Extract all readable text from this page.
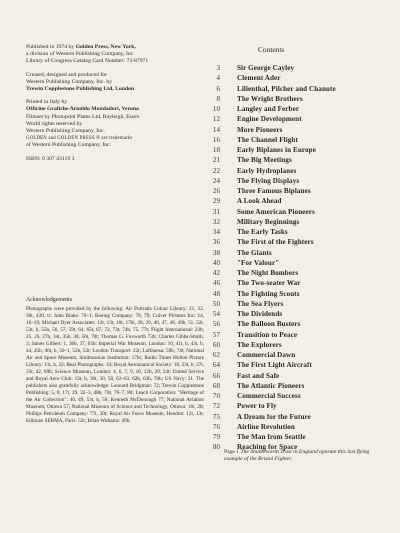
Published in 1974 by Golden Press, New York,
a division of Western Publishing Company, Inc.
Library of Congress Catalog Card Number: 73-87971
Created, designed and produced for
Western Publishing Company, Inc. by
Trewin Copplestone Publishing Ltd, London
Printed in Italy by
Officine Grafiche Arnoldo Mondadori, Verona
Filmset by Photoprint Plates Ltd, Rayleigh, Essex
World rights reserved by
Western Publishing Company, Inc.
GOLDEN and GOLDEN PRESS ® are trademarks
of Western Publishing Company, Inc.
ISBN: 0 307 43119 3
Acknowledgements
Photographs were provided by the following: Air Portraits Colour Library: 21, 32, 36t, 43tl, tr; John Blake: 70–1; Boeing Company: 78, 79; Culver Pictures Inc: 14, 16–19; Michael Dyer Associates: 12t, 13t, 16t, 17bl, 28, 29, 40, 47, 48, 49b, 51, 52t, 53t, b, 55b, 56, 57, 59t, 64, 65t, 67, 72, 73t, 74b, 75, 77t; Flight International: 23b, 25, 26, 27b, 34t, 35b, 38, 56t, 70t; Thomas G. Foxworth 73b; Charles Gibbs-Smith: 3; James Gilbert: 1, 36b, 37, 63b; Imperial War Museum, London: 10, 41t, b, 43t, b, 44, 45b, 46t, b, 50–1, 52b, 53t; London Transport: 22t; Lufthansa: 59b, 74t; National Air and Space Museum, Smithsonian Institution: 17br; Radio Times Hulton Picture Library: 11t, b, 22; Real Photographs: 34; Royal Aeronautical Society: 18, 23t, b, 27t, 33t, 42, 69b; Science Museum, London: 4, 6, 7, 9, 10, 12b, 20, 24t; United Service and Royal Aero Club: 13t, b, 30t, 30, 58, 62–63, 62b, 63b, 70b; US Navy: 31. The publishers also gratefully acknowledge: Leonard Bridgman: 72; Trewin Copplestone Publishing: 5, 8, 17t, 29, 32–3, 48b, 70t, 76–7, 80; Leach Corporation: "Heritage of the Air Collection": 40, 49, 53t, b, 56; Kenneth McDonough 77; National Aviation Museum, Ottawa 57; National Museum of Science and Technology, Ottawa: 16t, 28; Phillips Petroleum Company: 77t, 30t; Royal Air Force Museum, Hendon: 12t, 13t; Editions SERMA, Paris: 52t; Brian Withams: 49b.
Contents
3 Sir George Cayley
4 Clement Ader
6 Lilienthal, Pilcher and Chanute
8 The Wright Brothers
10 Langley and Ferber
12 Engine Development
14 More Pioneers
16 The Channel Flight
18 Early Biplanes in Europe
21 The Big Meetings
22 Early Hydroplanes
24 The Flying Displays
26 Three Famous Biplanes
29 A Look Ahead
31 Some American Pioneers
32 Military Beginnings
34 The Early Tasks
36 The First of the Fighters
38 The Giants
40 "For Valour"
42 The Night Bombers
46 The Two-seater War
48 The Fighting Scouts
50 The Sea Flyers
54 The Dividends
56 The Balloon Busters
57 Transition to Peace
60 The Explorers
62 Commercial Dawn
64 The First Light Aircraft
66 Fast and Safe
68 The Atlantic Pioneers
70 Commercial Success
72 Power to Fly
75 A Dream for the Future
76 Airline Revolution
79 The Man from Seattle
80 Reaching for Space
Page 1 The Shuttleworth Trust in England operate this last flying example of the Bristol Fighter.
